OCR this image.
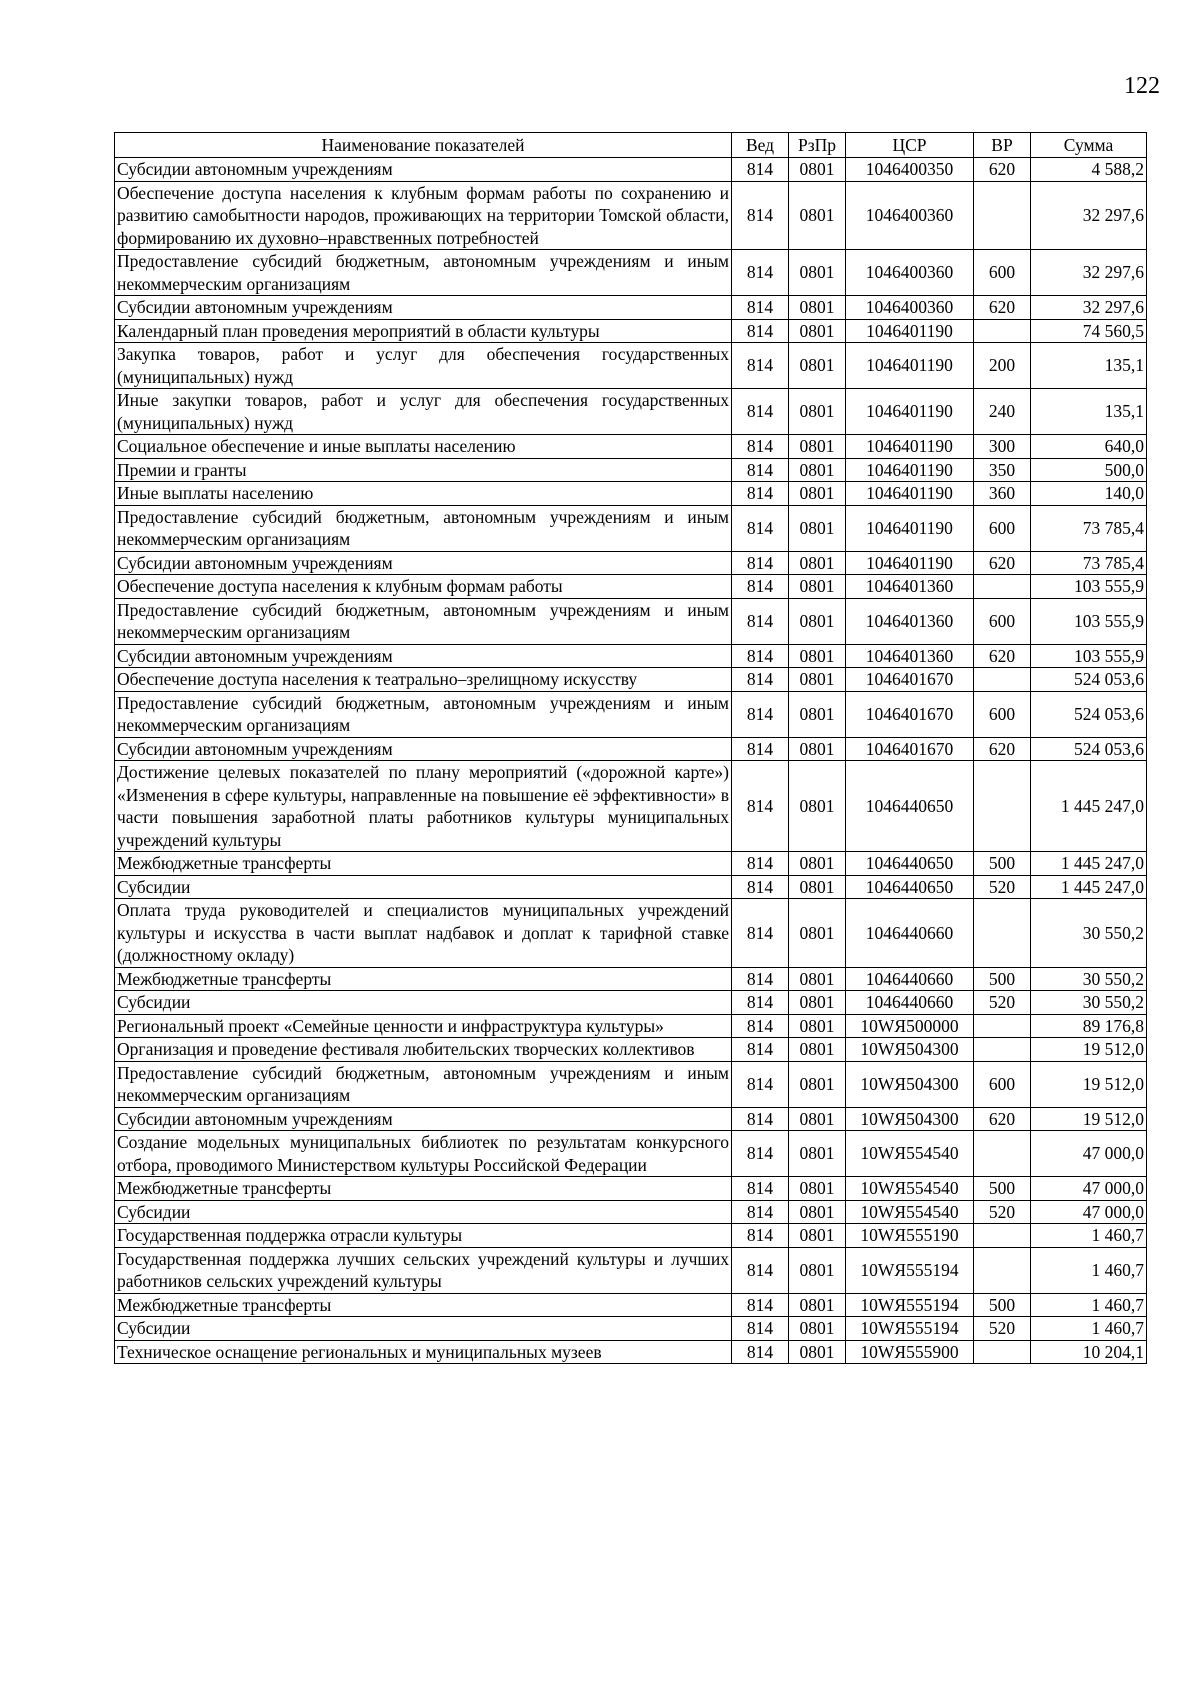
122
Наименование показателей	Вед	РзПр	ЦСР	ВР	Сумма
Субсидии автономным учреждениям	814	0801	1046400350	620	4 588,2
Обеспечение доступа населения к клубным формам работы по сохранению и развитию самобытности народов, проживающих на территории Томской области, формированию их духовно–нравственных потребностей	814	0801	1046400360		32 297,6
Предоставление субсидий бюджетным, автономным учреждениям и иным некоммерческим организациям	814	0801	1046400360	600	32 297,6
Субсидии автономным учреждениям	814	0801	1046400360	620	32 297,6
Календарный план проведения мероприятий в области культуры	814	0801	1046401190		74 560,5
Закупка товаров, работ и услуг для обеспечения государственных (муниципальных) нужд	814	0801	1046401190	200	135,1
Иные закупки товаров, работ и услуг для обеспечения государственных (муниципальных) нужд	814	0801	1046401190	240	135,1
Социальное обеспечение и иные выплаты населению	814	0801	1046401190	300	640,0
Премии и гранты	814	0801	1046401190	350	500,0
Иные выплаты населению	814	0801	1046401190	360	140,0
Предоставление субсидий бюджетным, автономным учреждениям и иным некоммерческим организациям	814	0801	1046401190	600	73 785,4
Субсидии автономным учреждениям	814	0801	1046401190	620	73 785,4
Обеспечение доступа населения к клубным формам работы	814	0801	1046401360		103 555,9
Предоставление субсидий бюджетным, автономным учреждениям и иным некоммерческим организациям	814	0801	1046401360	600	103 555,9
Субсидии автономным учреждениям	814	0801	1046401360	620	103 555,9
Обеспечение доступа населения к театрально–зрелищному искусству	814	0801	1046401670		524 053,6
Предоставление субсидий бюджетным, автономным учреждениям и иным некоммерческим организациям	814	0801	1046401670	600	524 053,6
Субсидии автономным учреждениям	814	0801	1046401670	620	524 053,6
Достижение целевых показателей по плану мероприятий («дорожной карте») «Изменения в сфере культуры, направленные на повышение её эффективности» в части повышения заработной платы работников культуры муниципальных учреждений культуры	814	0801	1046440650		1 445 247,0
Межбюджетные трансферты	814	0801	1046440650	500	1 445 247,0
Субсидии	814	0801	1046440650	520	1 445 247,0
Оплата труда руководителей и специалистов муниципальных учреждений культуры и искусства в части выплат надбавок и доплат к тарифной ставке (должностному окладу)	814	0801	1046440660		30 550,2
Межбюджетные трансферты	814	0801	1046440660	500	30 550,2
Субсидии	814	0801	1046440660	520	30 550,2
Региональный проект «Семейные ценности и инфраструктура культуры»	814	0801	10WЯ500000		89 176,8
Организация и проведение фестиваля любительских творческих коллективов	814	0801	10WЯ504300		19 512,0
Предоставление субсидий бюджетным, автономным учреждениям и иным некоммерческим организациям	814	0801	10WЯ504300	600	19 512,0
Субсидии автономным учреждениям	814	0801	10WЯ504300	620	19 512,0
Создание модельных муниципальных библиотек по результатам конкурсного отбора, проводимого Министерством культуры Российской Федерации	814	0801	10WЯ554540		47 000,0
Межбюджетные трансферты	814	0801	10WЯ554540	500	47 000,0
Субсидии	814	0801	10WЯ554540	520	47 000,0
Государственная поддержка отрасли культуры	814	0801	10WЯ555190		1 460,7
Государственная поддержка лучших сельских учреждений культуры и лучших работников сельских учреждений культуры	814	0801	10WЯ555194		1 460,7
Межбюджетные трансферты	814	0801	10WЯ555194	500	1 460,7
Субсидии	814	0801	10WЯ555194	520	1 460,7
Техническое оснащение региональных и муниципальных музеев	814	0801	10WЯ555900		10 204,1
